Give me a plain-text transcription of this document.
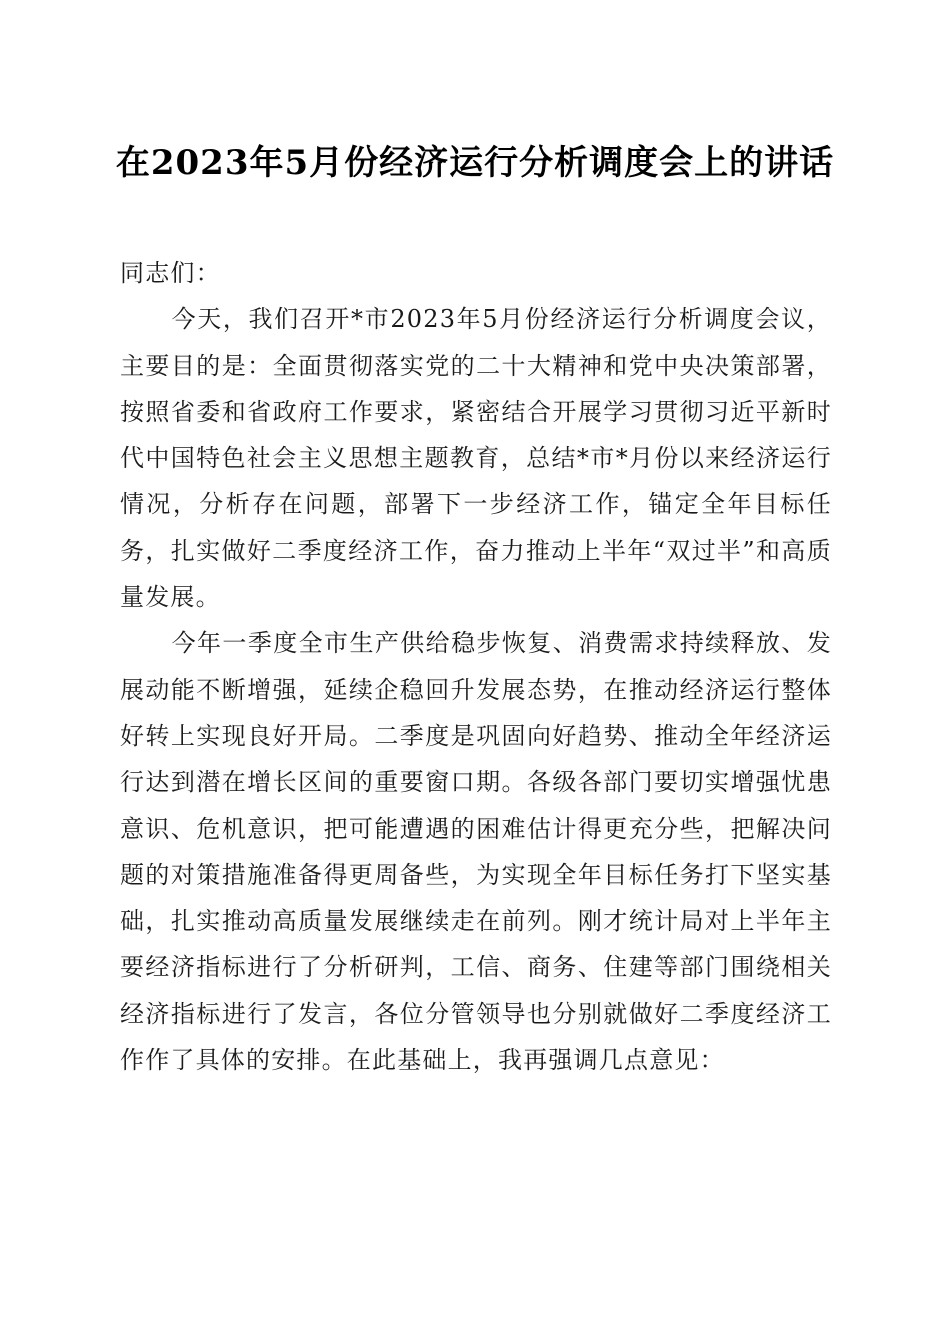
在2023年5月份经济运行分析调度会上的讲话

同志们：

今天，我们召开*市2023年5月份经济运行分析调度会议，主要目的是：全面贯彻落实党的二十大精神和党中央决策部署，按照省委和省政府工作要求，紧密结合开展学习贯彻习近平新时代中国特色社会主义思想主题教育，总结*市*月份以来经济运行情况，分析存在问题，部署下一步经济工作，锚定全年目标任务，扎实做好二季度经济工作，奋力推动上半年“双过半”和高质量发展。

今年一季度全市生产供给稳步恢复、消费需求持续释放、发展动能不断增强，延续企稳回升发展态势，在推动经济运行整体好转上实现良好开局。二季度是巩固向好趋势、推动全年经济运行达到潜在增长区间的重要窗口期。各级各部门要切实增强忧患意识、危机意识，把可能遭遇的困难估计得更充分些，把解决问题的对策措施准备得更周备些，为实现全年目标任务打下坚实基础，扎实推动高质量发展继续走在前列。刚才统计局对上半年主要经济指标进行了分析研判，工信、商务、住建等部门围绕相关经济指标进行了发言，各位分管领导也分别就做好二季度经济工作作了具体的安排。在此基础上，我再强调几点意见：
